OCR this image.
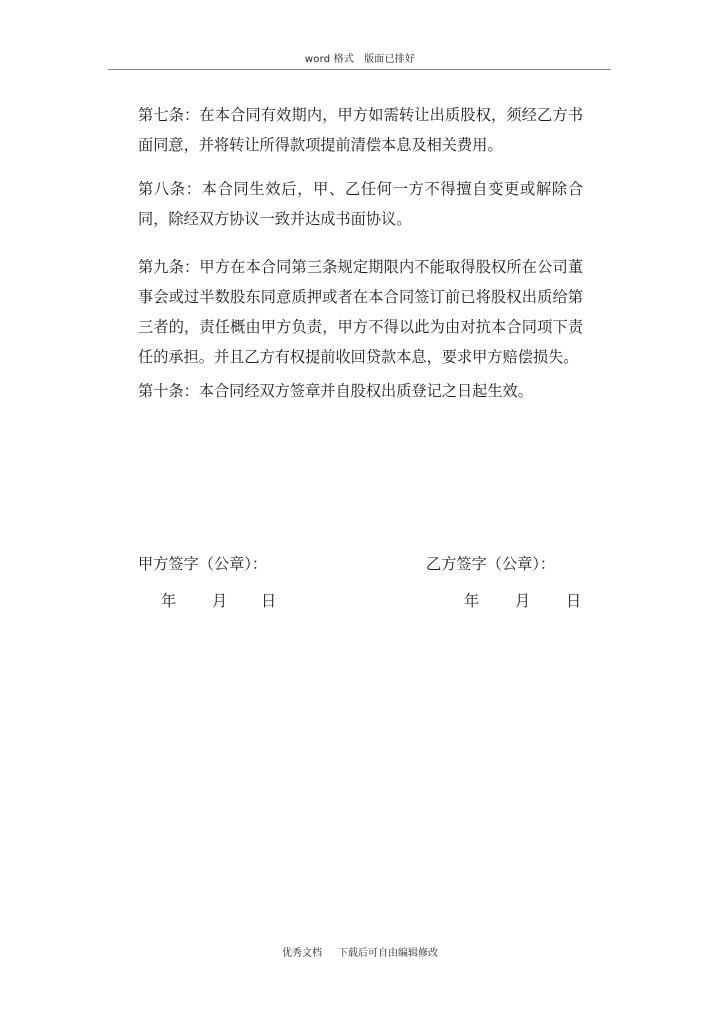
word 格式 版面已排好

第七条：在本合同有效期内，甲方如需转让出质股权，须经乙方书面同意，并将转让所得款项提前清偿本息及相关费用。

第八条：本合同生效后，甲、乙任何一方不得擅自变更或解除合同，除经双方协议一致并达成书面协议。

第九条：甲方在本合同第三条规定期限内不能取得股权所在公司董事会或过半数股东同意质押或者在本合同签订前已将股权出质给第三者的，责任概由甲方负责，甲方不得以此为由对抗本合同项下责任的承担。并且乙方有权提前收回贷款本息，要求甲方赔偿损失。

第十条：本合同经双方签章并自股权出质登记之日起生效。

甲方签字（公章）：	乙方签字（公章）：
年 月 日	年 月 日
优秀文档 下载后可自由编辑修改
